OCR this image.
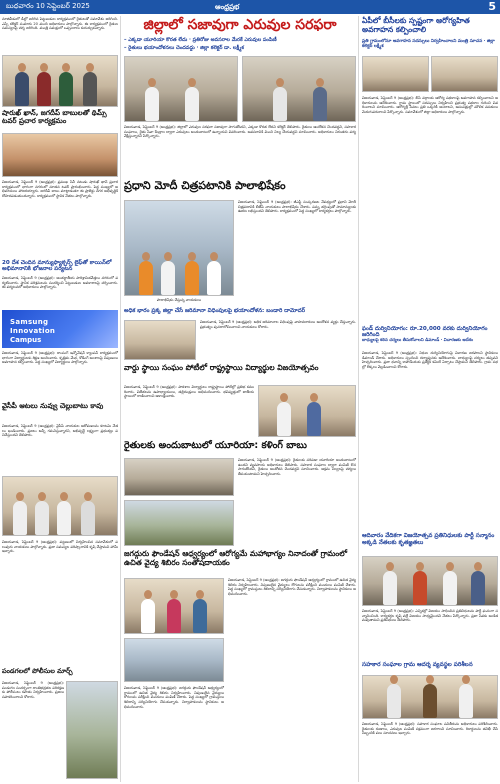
బుధవారం 10 సెప్టెంబర్ 2025	ఆంధ్రప్రభ	5
నూజివీడులో డీల్లో జరిగిన పెట్టుబడుల కార్యక్రమంలో రైతులతో సమావేశం జరిగింది. ఎస్పీ కలెక్టర్ సుమారు 20 మంది అధికారులు పాల్గొన్నారు. ఈ కార్యక్రమంలో రైతుల సమస్యలపై చర్చ జరిగింది. మంత్రి సమక్షంలో ఒప్పందాలు కుదుర్చుకున్నారు.
షారుఖ్ ఖాన్, జగదీప్ బాబులతో థిమ్స్ టవర్ ప్రచార కార్యక్రమం
విజయవాడ, సెప్టెంబర్ 9 (ఆంధ్రప్రభ): ప్రముఖ సినీ నటుడు షారుఖ్ ఖాన్ ప్రచార కార్యక్రమంలో భాగంగా నగరంలో నూతన టవర్ ప్రారంభించారు. పెద్ద సంఖ్యలో అభిమానులు హాజరయ్యారు. జగదీప్ బాబు మాట్లాడుతూ ఈ ప్రాజెక్టు నగర అభివృద్ధికి దోహదపడుతుందన్నారు. కార్యక్రమంలో స్థానిక నేతలు పాల్గొన్నారు.
20 దేశ చెందిన మాన్యుఫ్యాక్చర్స్ లైఫ్‌తో కాయిన్‌లో అభిమానానికి భోజనాల పర్యటన
విజయవాడ, సెప్టెంబర్ 9 (ఆంధ్రప్రభ): అంతర్జాతీయ పారిశ్రామికవేత్తలు నగరంలో పర్యటించారు. స్థానిక పరిశ్రమలను సందర్శించి పెట్టుబడుల అవకాశాలపై చర్చించారు. ఈ పర్యటనలో అధికారులు పాల్గొన్నారు.
Samsung
Innovation
Campus
విజయవాడ, సెప్టెంబర్ 9 (ఆంధ్రప్రభ): శాంసంగ్ ఇన్నోవేషన్ క్యాంపస్ కార్యక్రమంలో భాగంగా విద్యార్థులకు శిక్షణ అందించారు. కృత్రిమ మేధ, కోడింగ్ అంశాలపై నిపుణులు అవగాహన కల్పించారు. పెద్ద సంఖ్యలో విద్యార్థులు పాల్గొన్నారు.
వైసీపీ ఆటలు నువ్వు చెల్లుబాటు కావు
విజయవాడ, సెప్టెంబర్ 9 (ఆంధ్రప్రభ): వైసీపీ నాయకుల ఆరోపణలను కూటమి నేతలు ఖండించారు. ప్రజలు అన్నీ గమనిస్తున్నారని, అభివృద్ధే లక్ష్యంగా ప్రభుత్వం పనిచేస్తుందని తెలిపారు.
విజయవాడ, సెప్టెంబర్ 9 (ఆంధ్రప్రభ): పట్టణంలో నిర్వహించిన సమావేశంలో పలువురు నాయకులు పాల్గొన్నారు. ప్రజా సమస్యల పరిష్కారానికి కృషి చేస్తామని హామీ ఇచ్చారు.
పండగలలో పోలీసుల మార్చ్
విజయవాడ, సెప్టెంబర్ 9 (ఆంధ్రప్రభ): పండుగల సందర్భంగా శాంతిభద్రతల పరిరక్షణకు పోలీసులు కవాతు నిర్వహించారు. ప్రజలు సహకరించాలని కోరారు.
జిల్లాలో సజావుగా ఎరువుల సరఫరా
– ఎక్కడా యూరియా కొరత లేదు · ప్రతిరోజు అవసరాల మేరకే ఎరువుల పంపిణీ
– రైతులు భయాందోళనలు చెందవద్దు · జిల్లా కలెక్టర్ డా. లక్ష్మీశ
విజయవాడ, సెప్టెంబర్ 9 (ఆంధ్రప్రభ): జిల్లాలో ఎరువుల సరఫరా సజావుగా సాగుతోందని, ఎక్కడా కొరత లేదని కలెక్టర్ తెలిపారు. రైతులు ఆందోళన చెందవద్దని, సహకార సంఘాలు, రైతు సేవా కేంద్రాల ద్వారా ఎరువులు అందుబాటులో ఉన్నాయని వివరించారు. అవసరానికి మించి నిల్వ చేయవద్దని సూచించారు. అధికారులు నిరంతరం పర్యవేక్షిస్తున్నారని పేర్కొన్నారు.
ప్రధాని మోదీ చిత్రపటానికి పాలాభిషేకం
పాలాభిషేకం చేస్తున్న నాయకులు
విజయవాడ, సెప్టెంబర్ 9 (ఆంధ్రప్రభ): జీఎస్టీ సంస్కరణల నేపథ్యంలో ప్రధాని మోదీ చిత్రపటానికి బీజేపీ నాయకులు పాలాభిషేకం చేశారు. పన్ను తగ్గింపుతో సామాన్యులకు ఊరట లభిస్తుందని తెలిపారు. కార్యక్రమంలో పెద్ద సంఖ్యలో కార్యకర్తలు పాల్గొన్నారు.
అధిక భారం ప్రక్క జిల్లా చేసే జరిమానా విధింపులపై భయాందోళన: బండారి దామోదర్
విజయవాడ, సెప్టెంబర్ 9 (ఆంధ్రప్రభ): అధిక జరిమానాల విధింపుపై వాహనదారులు ఆందోళన వ్యక్తం చేస్తున్నారు. ప్రభుత్వం పునరాలోచించాలని నాయకులు కోరారు.
వార్డు స్థాయి సంఘం పోటీలో రాష్ట్రస్థాయి విద్యార్థుల విజయోత్సవం
విజయవాడ, సెప్టెంబర్ 9 (ఆంధ్రప్రభ): పాఠశాల విద్యార్థులు రాష్ట్రస్థాయి పోటీల్లో ప్రతిభ కనబరిచారు. విజేతలను ఉపాధ్యాయులు, తల్లిదండ్రులు అభినందించారు. భవిష్యత్తులో జాతీయ స్థాయిలో రాణించాలని ఆకాంక్షించారు.
రైతులకు అందుబాటులో యూరియా: కళింగ్ బాబు
విజయవాడ, సెప్టెంబర్ 9 (ఆంధ్రప్రభ): రైతులకు సరిపడా యూరియా అందుబాటులో ఉందని వ్యవసాయ అధికారులు తెలిపారు. సహకార సంఘాల ద్వారా పంపిణీ కొనసాగుతోందని, రైతులు ఆందోళన చెందవద్దని సూచించారు. అక్రమ నిల్వలపై చర్యలు తీసుకుంటామని హెచ్చరించారు.
జగద్గురు ఫౌండేషన్ ఆధ్వర్యంలో ఆరోగ్యమే మహాభాగ్యం నినాదంతో గ్రామంలో ఉచిత వైద్య శిబిరం సంతోషదాయకం
విజయవాడ, సెప్టెంబర్ 9 (ఆంధ్రప్రభ): జగద్గురు ఫౌండేషన్ ఆధ్వర్యంలో గ్రామంలో ఉచిత వైద్య శిబిరం నిర్వహించారు. నిపుణులైన వైద్యులు రోగులను పరీక్షించి మందులు పంపిణీ చేశారు. పెద్ద సంఖ్యలో గ్రామస్తులు శిబిరాన్ని సద్వినియోగం చేసుకున్నారు. నిర్వాహకులను స్థానికులు అభినందించారు.
విజయవాడ, సెప్టెంబర్ 9 (ఆంధ్రప్రభ): జగద్గురు ఫౌండేషన్ ఆధ్వర్యంలో గ్రామంలో ఉచిత వైద్య శిబిరం నిర్వహించారు. నిపుణులైన వైద్యులు రోగులను పరీక్షించి మందులు పంపిణీ చేశారు. పెద్ద సంఖ్యలో గ్రామస్తులు శిబిరాన్ని సద్వినియోగం చేసుకున్నారు. నిర్వాహకులను స్థానికులు అభినందించారు.
ఏపీలో బీసీలకు స్పష్టంగా ఆరోగ్యహిత అవగాహన కల్పించాలి
ప్రతి గ్రామంలోనూ అవగాహన సదస్సులు నిర్వహించాలని మంత్రి సూచన · జిల్లా కలెక్టర్ లక్ష్మీశ
విజయవాడ, సెప్టెంబర్ 9 (ఆంధ్రప్రభ): బీసీ వర్గాలకు ఆరోగ్య పథకాలపై అవగాహన కల్పించాలని అధికారులను ఆదేశించారు. గ్రామ స్థాయిలో సదస్సులు నిర్వహించి ప్రభుత్వ పథకాల గురించి వివరించాలని సూచించారు. ఆరోగ్యశ్రీ సేవలు ప్రతి ఒక్కరికీ అందాలని, ఆసుపత్రుల్లో మౌలిక వసతులు మెరుగుపరచాలని పేర్కొన్నారు. సమావేశంలో జిల్లా అధికారులు పాల్గొన్నారు.
ఫండ్ దుర్వినియోగం: రూ.20,000 వరకు దుర్వినియోగం జరిగింది
బాధ్యులపై కఠిన చర్యలు తీసుకోవాలని డిమాండ్ · విచారణకు ఆదేశం
విజయవాడ, సెప్టెంబర్ 9 (ఆంధ్రప్రభ): నిధుల దుర్వినియోగంపై విచారణ జరపాలని స్థానికులు డిమాండ్ చేశారు. అధికారులు స్పందించి దర్యాప్తునకు ఆదేశించారు. బాధ్యులపై చర్యలు తప్పవని హెచ్చరించారు. ప్రజా ధనాన్ని కాపాడేందుకు ప్రత్యేక కమిటీ ఏర్పాటు చేస్తామని తెలిపారు. గ్రామ సభల్లో లెక్కలు వెల్లడించాలని కోరారు.
ఆదివారం వేదికగా విజయోత్సవ ప్రతినిధులకు పార్టీ సన్మానం అక్కడి నేతలకు కృతజ్ఞతలు
విజయవాడ, సెప్టెంబర్ 9 (ఆంధ్రప్రభ): ఎన్నికల్లో విజయం సాధించిన ప్రతినిధులను పార్టీ ఘనంగా సన్మానించింది. కార్యకర్తల కృషి వల్లే విజయం సాధ్యమైందని నేతలు పేర్కొన్నారు. ప్రజా సేవకు అంకితమవుతామని ప్రతినిధులు తెలిపారు.
సహకార సంఘాల గ్రామ ఆదర్శ వ్యవస్థల పరిశీలన
విజయవాడ, సెప్టెంబర్ 9 (ఆంధ్రప్రభ): సహకార సంఘాల పనితీరును అధికారులు పరిశీలించారు. రైతులకు రుణాలు, ఎరువుల పంపిణీ సక్రమంగా జరగాలని సూచించారు. రికార్డులను తనిఖీ చేసి సిబ్బందికి పలు సూచనలు ఇచ్చారు.
